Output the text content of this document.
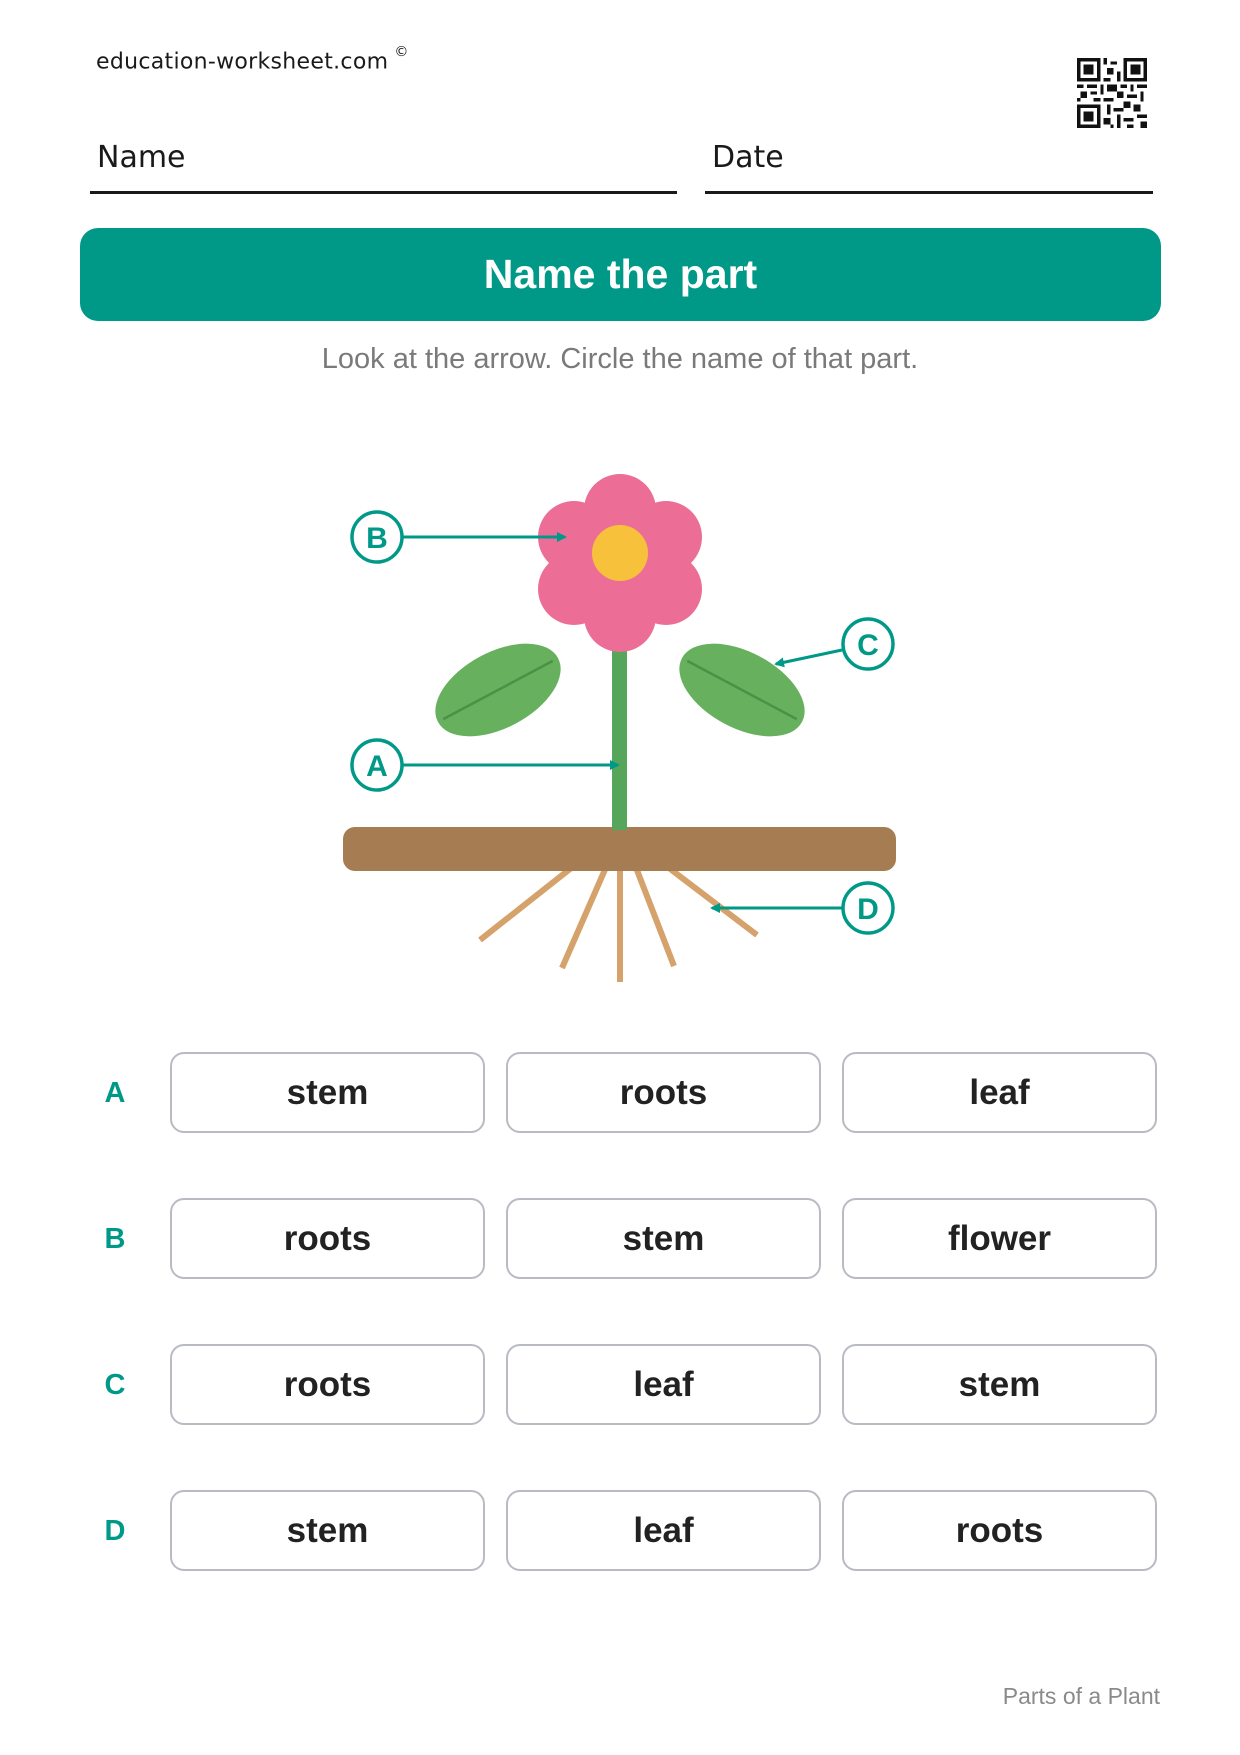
education-worksheet.com ©
Name	Date
Name the part
Look at the arrow. Circle the name of that part.
B
C
A
D
A	stem	roots	leaf
B	roots	stem	flower
C	roots	leaf	stem
D	stem	leaf	roots
Parts of a Plant
